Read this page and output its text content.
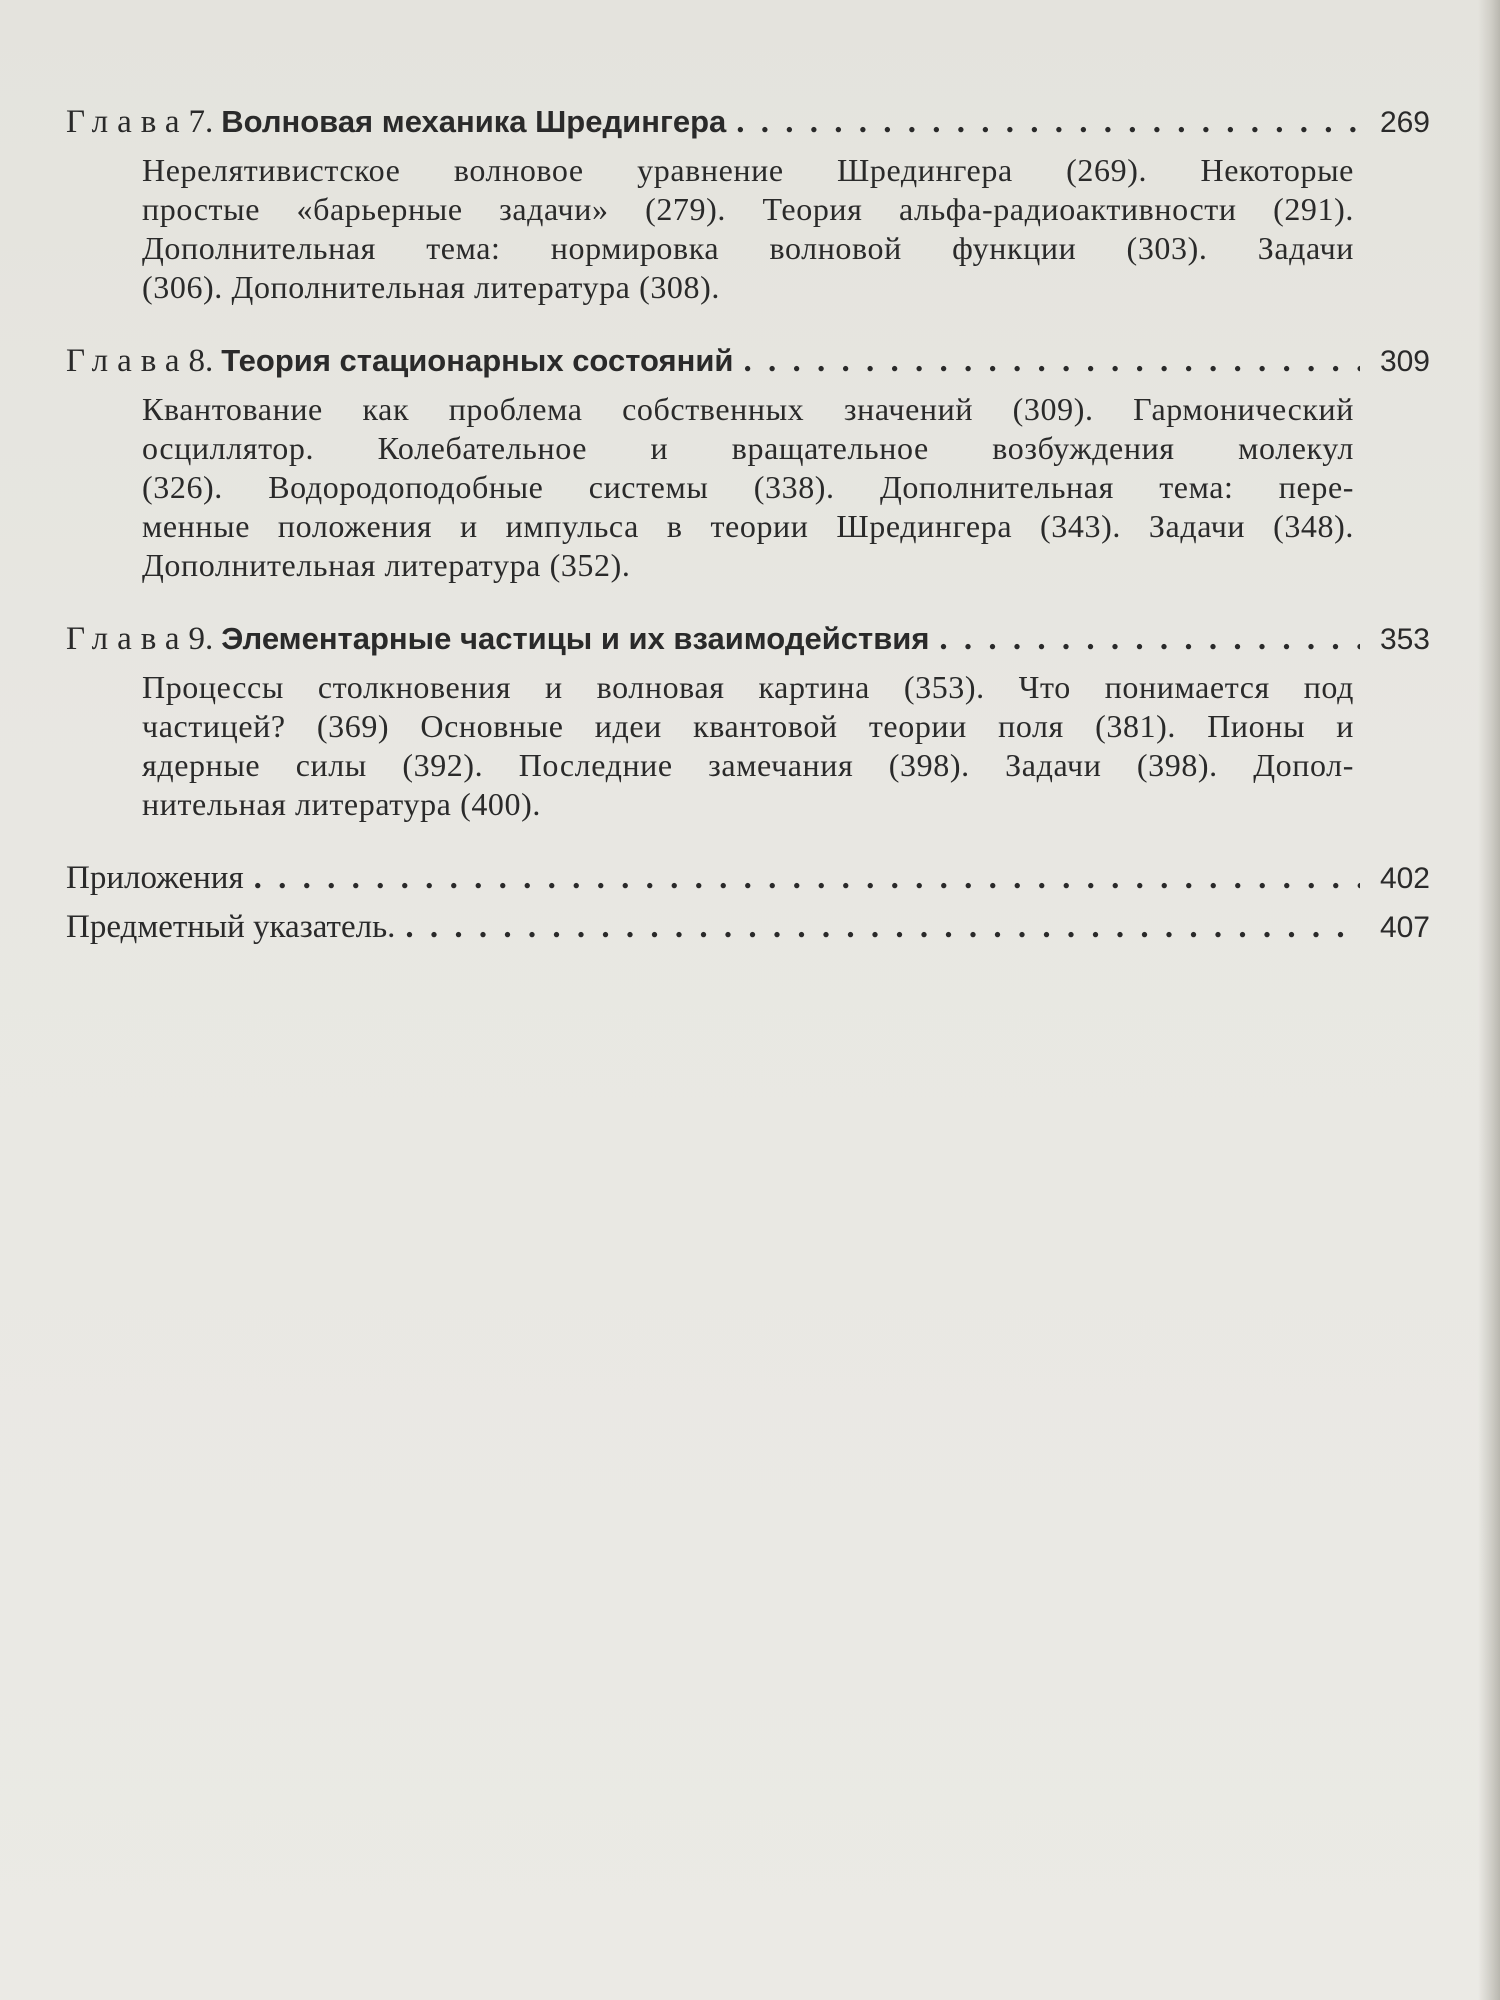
Глава 7. Волновая механика Шредингера . . .	269
Нерелятивистское волновое уравнение Шредингера (269). Некоторые
простые «барьерные задачи» (279). Теория альфа-радиоактивности (291).
Дополнительная тема: нормировка волновой функции (303). Задачи
(306). Дополнительная литература (308).
Глава 8. Теория стационарных состояний . . .	309
Квантование как проблема собственных значений (309). Гармонический
осциллятор. Колебательное и вращательное возбуждения молекул
(326). Водородоподобные системы (338). Дополнительная тема: пере-
менные положения и импульса в теории Шредингера (343). Задачи (348).
Дополнительная литература (352).
Глава 9. Элементарные частицы и их взаимодействия . . .	353
Процессы столкновения и волновая картина (353). Что понимается под
частицей? (369) Основные идеи квантовой теории поля (381). Пионы и
ядерные силы (392). Последние замечания (398). Задачи (398). Допол-
нительная литература (400).
Приложения . . .	402
Предметный указатель. . . .	407
